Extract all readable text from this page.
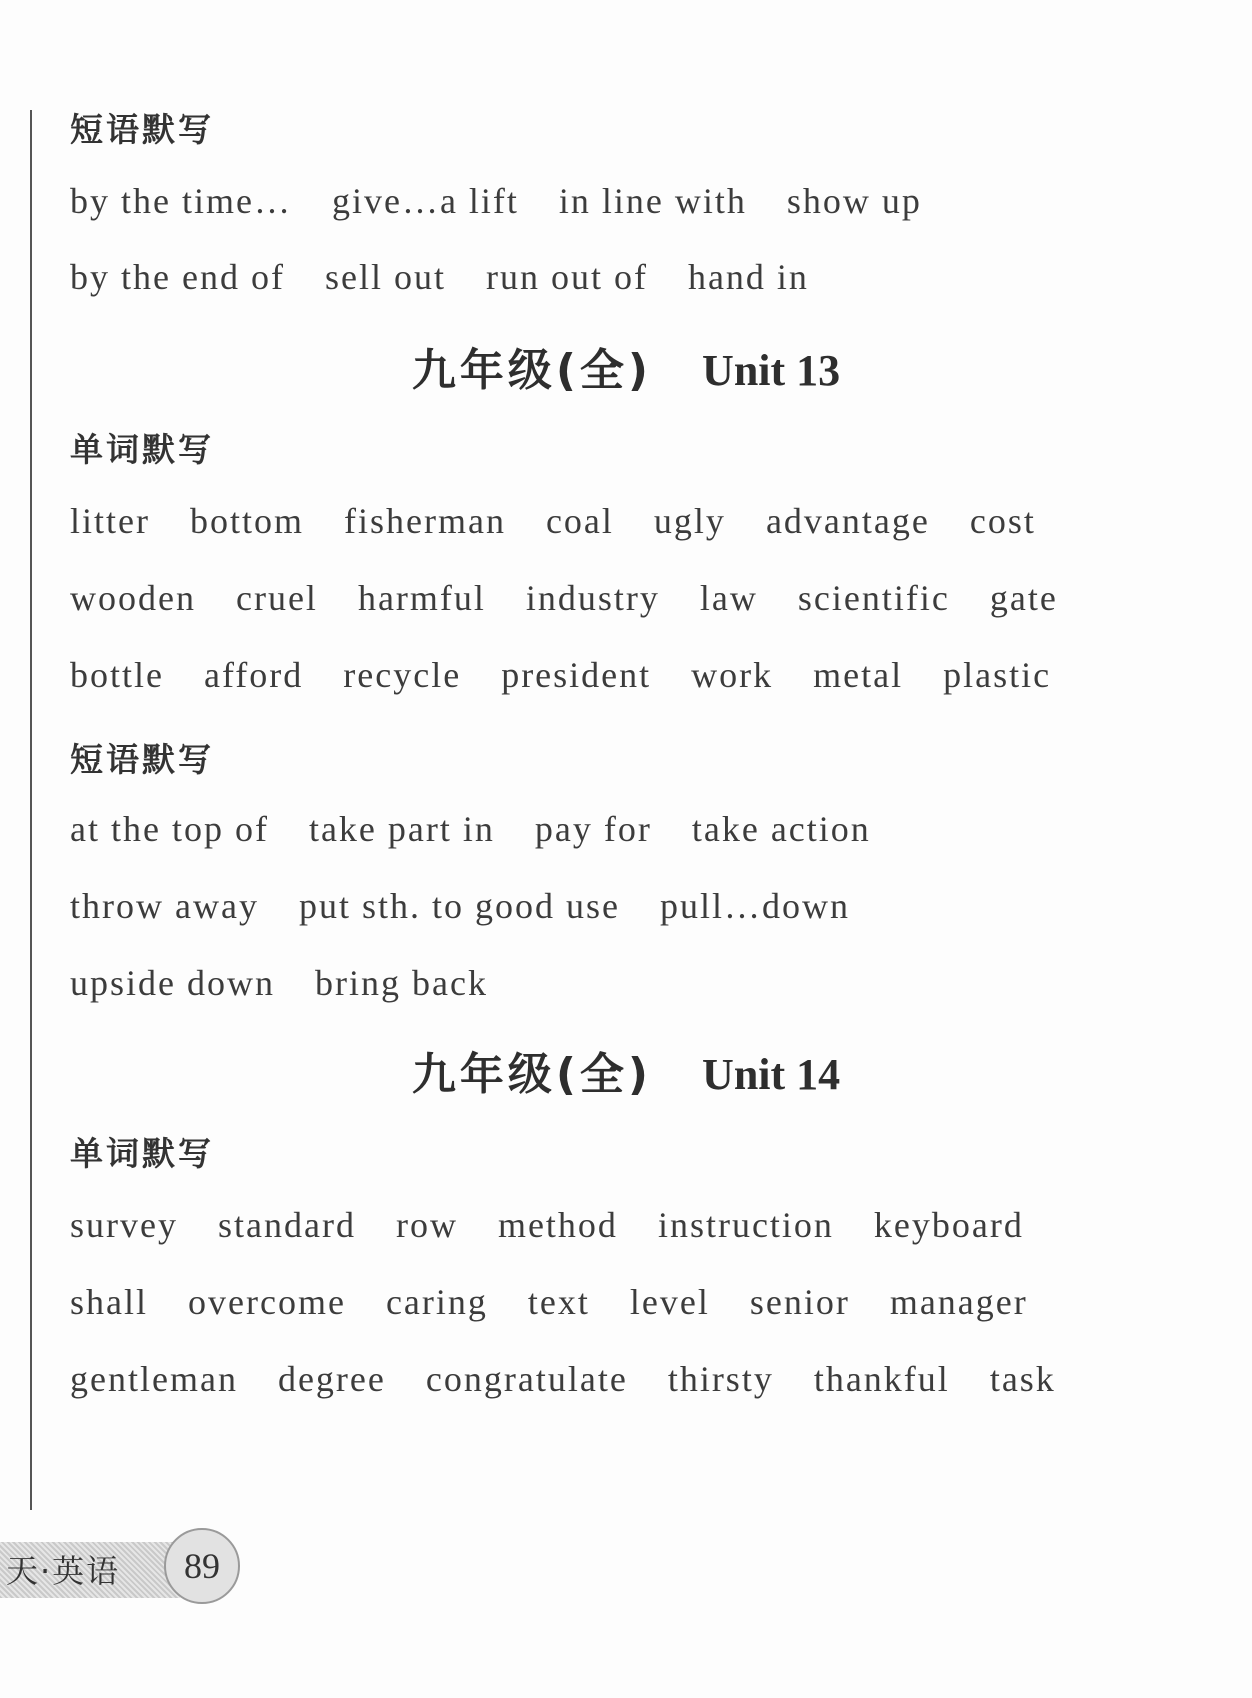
短语默写
by the time… give…a lift in line with show up
by the end of sell out run out of hand in
九年级(全) Unit 13
单词默写
litter bottom fisherman coal ugly advantage cost
wooden cruel harmful industry law scientific gate
bottle afford recycle president work metal plastic
短语默写
at the top of take part in pay for take action
throw away put sth. to good use pull…down
upside down bring back
九年级(全) Unit 14
单词默写
survey standard row method instruction keyboard
shall overcome caring text level senior manager
gentleman degree congratulate thirsty thankful task
天·英语	89
